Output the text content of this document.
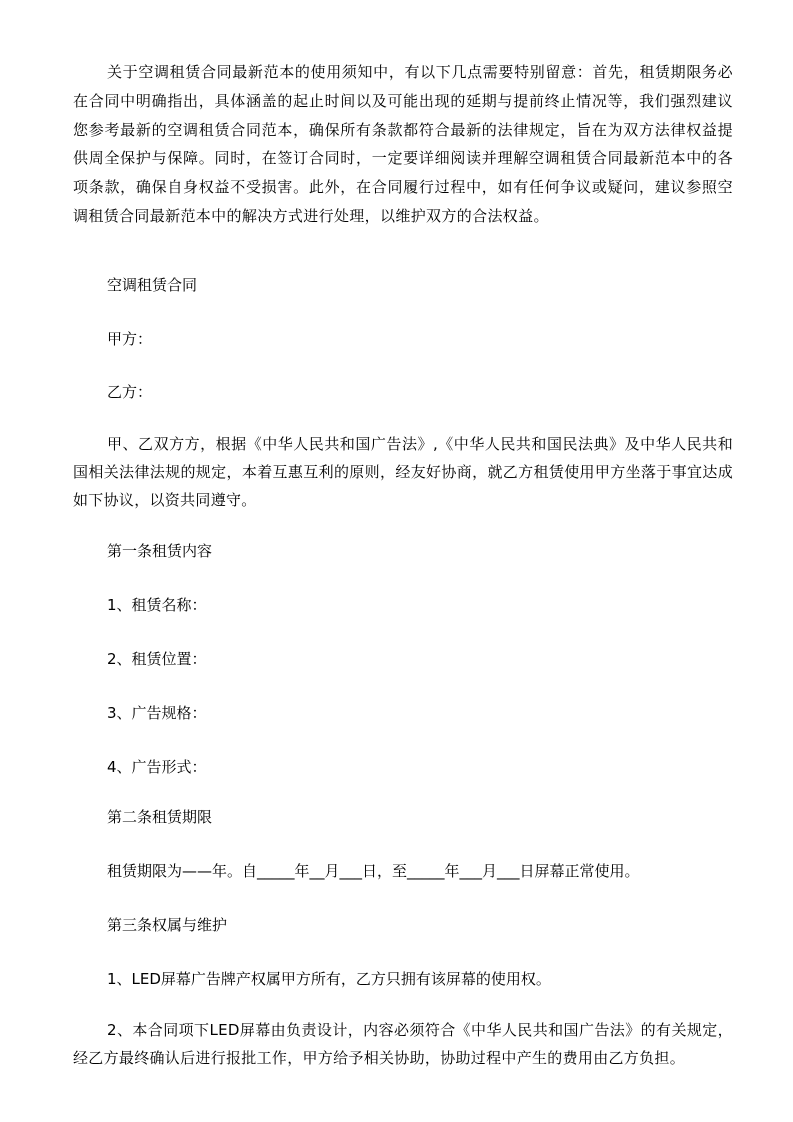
关于空调租赁合同最新范本的使用须知中，有以下几点需要特别留意：首先，租赁期限务必在合同中明确指出，具体涵盖的起止时间以及可能出现的延期与提前终止情况等，我们强烈建议您参考最新的空调租赁合同范本，确保所有条款都符合最新的法律规定，旨在为双方法律权益提供周全保护与保障。同时，在签订合同时，一定要详细阅读并理解空调租赁合同最新范本中的各项条款，确保自身权益不受损害。此外，在合同履行过程中，如有任何争议或疑问，建议参照空调租赁合同最新范本中的解决方式进行处理，以维护双方的合法权益。

空调租赁合同

甲方：

乙方：

甲、乙双方方，根据《中华人民共和国广告法》,《中华人民共和国民法典》及中华人民共和国相关法律法规的规定，本着互惠互利的原则，经友好协商，就乙方租赁使用甲方坐落于事宜达成如下协议，以资共同遵守。

第一条租赁内容

1、租赁名称：

2、租赁位置：

3、广告规格：

4、广告形式：

第二条租赁期限

租赁期限为——年。自_____年__月___日，至_____年___月___日屏幕正常使用。

第三条权属与维护

1、LED屏幕广告牌产权属甲方所有，乙方只拥有该屏幕的使用权。

2、本合同项下LED屏幕由负责设计，内容必须符合《中华人民共和国广告法》的有关规定，经乙方最终确认后进行报批工作，甲方给予相关协助，协助过程中产生的费用由乙方负担。
